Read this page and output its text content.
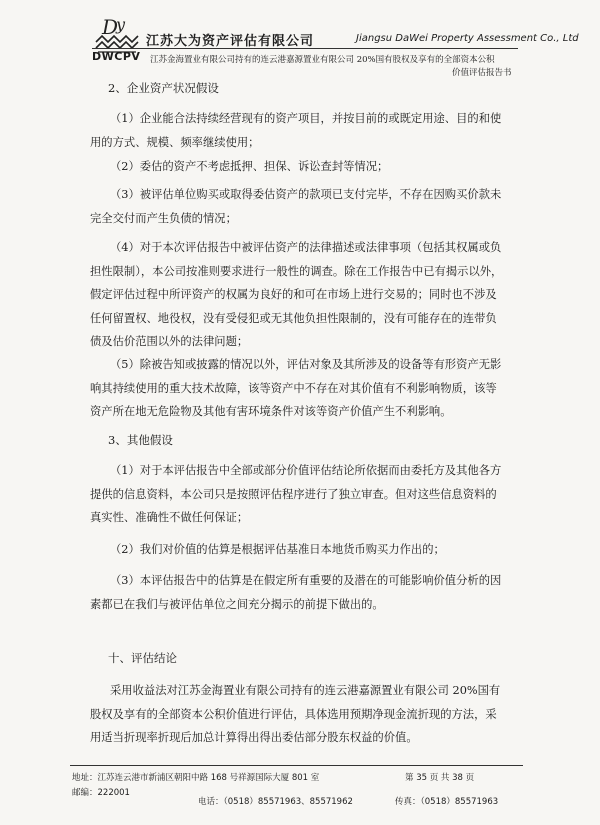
D
y
DWCPV
江苏大为资产评估有限公司	Jiangsu DaWei Property Assessment Co., Ltd
江苏金海置业有限公司持有的连云港嘉源置业有限公司 20%国有股权及享有的全部资本公积
价值评估报告书
2、企业资产状况假设
（1）企业能合法持续经营现有的资产项目，并按目前的或既定用途、目的和使
用的方式、规模、频率继续使用；
（2）委估的资产不考虑抵押、担保、诉讼查封等情况；
（3）被评估单位购买或取得委估资产的款项已支付完毕，不存在因购买价款未
完全交付而产生负债的情况；
（4）对于本次评估报告中被评估资产的法律描述或法律事项（包括其权属或负
担性限制），本公司按准则要求进行一般性的调查。除在工作报告中已有揭示以外，
假定评估过程中所评资产的权属为良好的和可在市场上进行交易的；同时也不涉及
任何留置权、地役权，没有受侵犯或无其他负担性限制的，没有可能存在的连带负
债及估价范围以外的法律问题；
（5）除被告知或披露的情况以外，评估对象及其所涉及的设备等有形资产无影
响其持续使用的重大技术故障，该等资产中不存在对其价值有不利影响物质，该等
资产所在地无危险物及其他有害环境条件对该等资产价值产生不利影响。
3、其他假设
（1）对于本评估报告中全部或部分价值评估结论所依据而由委托方及其他各方
提供的信息资料，本公司只是按照评估程序进行了独立审查。但对这些信息资料的
真实性、准确性不做任何保证；
（2）我们对价值的估算是根据评估基准日本地货币购买力作出的；
（3）本评估报告中的估算是在假定所有重要的及潜在的可能影响价值分析的因
素都已在我们与被评估单位之间充分揭示的前提下做出的。
十、评估结论
采用收益法对江苏金海置业有限公司持有的连云港嘉源置业有限公司 20%国有
股权及享有的全部资本公积价值进行评估，具体选用预期净现金流折现的方法，采
用适当折现率折现后加总计算得出得出委估部分股东权益的价值。
地址：江苏连云港市新浦区朝阳中路 168 号祥源国际大厦 801 室	第 35 页 共 38 页
邮编：222001
电话：（0518）85571963、85571962	传真：（0518）85571963
